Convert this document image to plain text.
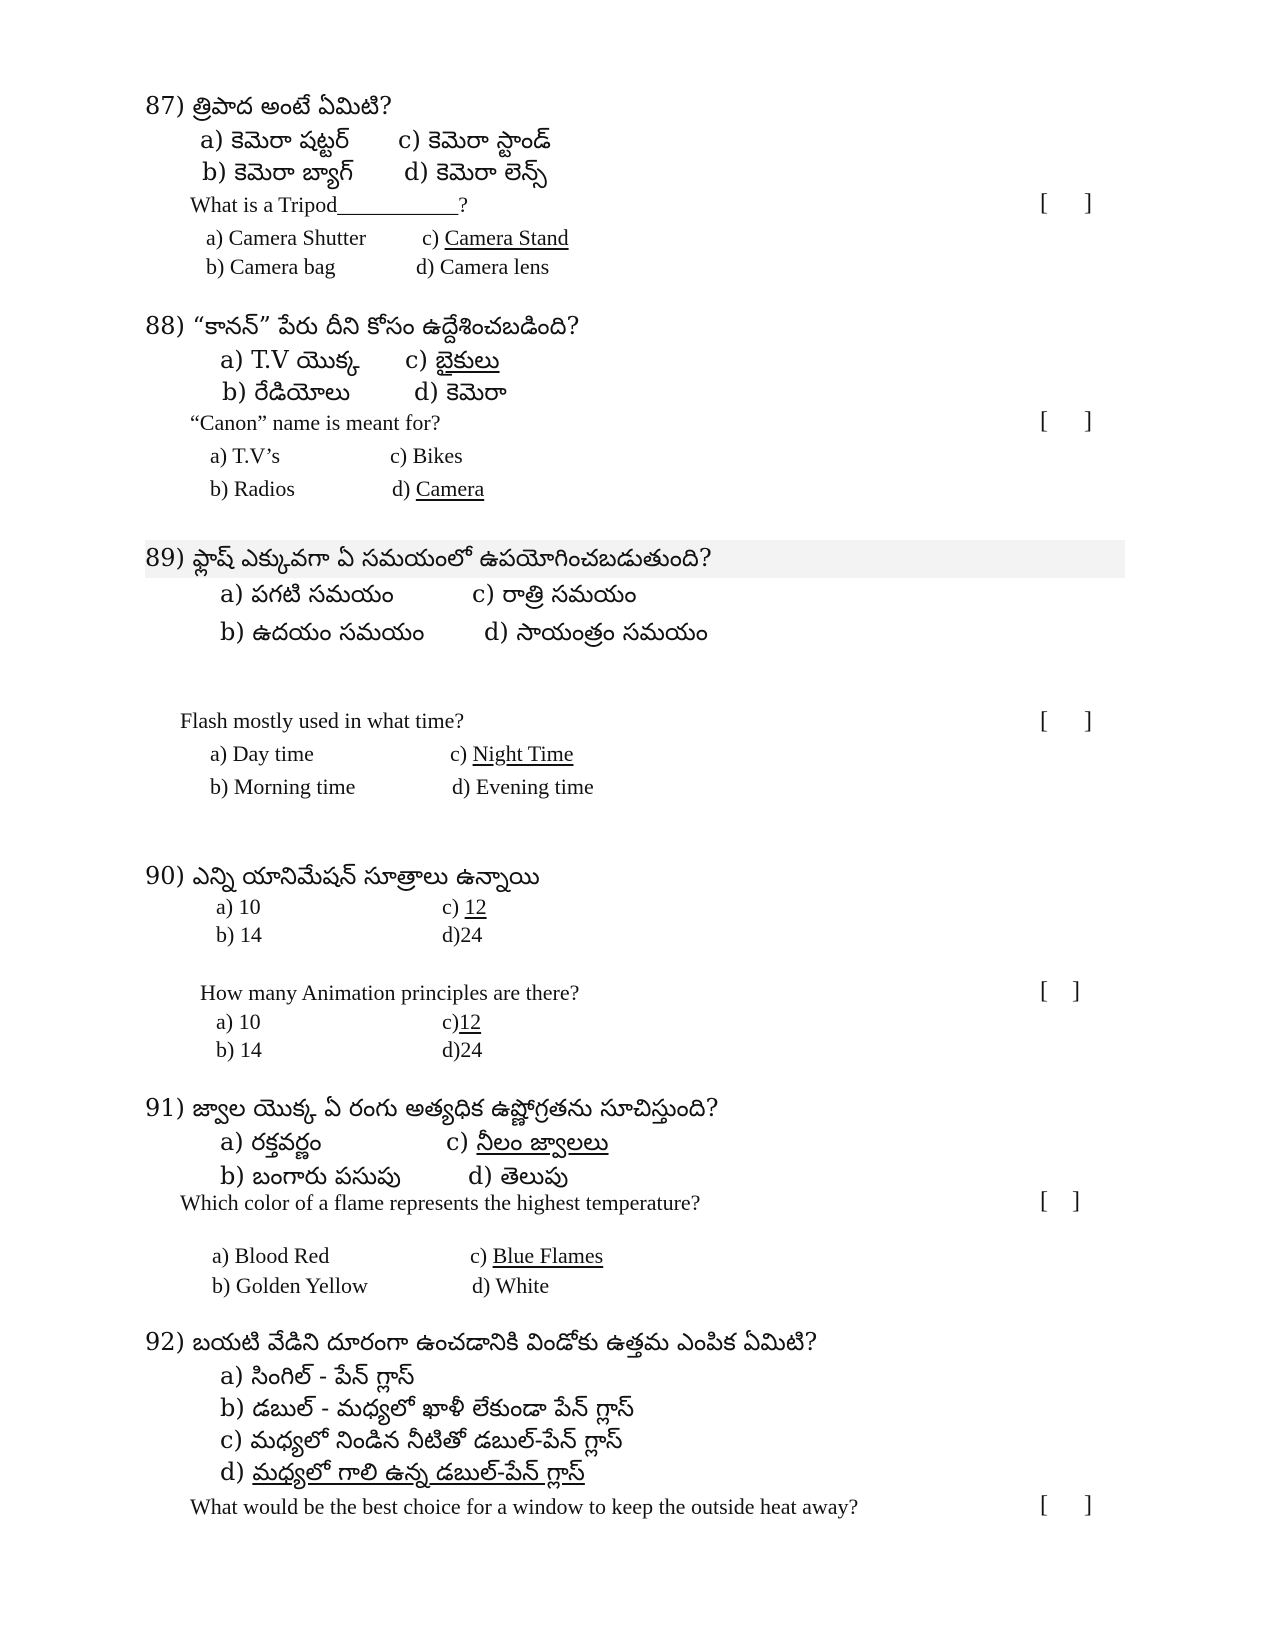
87) త్రిపాద అంటే ఏమిటి?
a) కెమెరా షట్టర్ c) కెమెరా స్టాండ్
b) కెమెరా బ్యాగ్ d) కెమెరా లెన్స్
What is a Tripod___________?	[ ]
a) Camera Shutter	c) Camera Stand
b) Camera bag	d) Camera lens
88) “కానన్” పేరు దీని కోసం ఉద్దేశించబడింది?
a) T.V యొక్క c) బైకులు
b) రేడియోలు	d) కెమెరా
“Canon” name is meant for?	[ ]
a) T.V’s	c) Bikes
b) Radios	d) Camera
89) ఫ్లాష్ ఎక్కువగా ఏ సమయంలో ఉపయోగించబడుతుంది?
a) పగటి సమయం	c) రాత్రి సమయం
b) ఉదయం సమయం d) సాయంత్రం సమయం
Flash mostly used in what time?	[ ]
a) Day time	c) Night Time
b) Morning time	d) Evening time
90) ఎన్ని యానిమేషన్ సూత్రాలు ఉన్నాయి
a) 10	c) 12
b) 14	d)24
How many Animation principles are there?	[ ]
a) 10	c)12
b) 14	d)24
91) జ్వాల యొక్క ఏ రంగు అత్యధిక ఉష్ణోగ్రతను సూచిస్తుంది?
a) రక్తవర్ణం	c) నీలం జ్వాలలు
b) బంగారు పసుపు	d) తెలుపు
Which color of a flame represents the highest temperature?	[ ]
a) Blood Red	c) Blue Flames
b) Golden Yellow	d) White
92) బయటి వేడిని దూరంగా ఉంచడానికి విండోకు ఉత్తమ ఎంపిక ఏమిటి?
a) సింగిల్ - పేన్ గ్లాస్
b) డబుల్ - మధ్యలో ఖాళీ లేకుండా పేన్ గ్లాస్
c) మధ్యలో నిండిన నీటితో డబుల్-పేన్ గ్లాస్
d) మధ్యలో గాలి ఉన్న డబుల్-పేన్ గ్లాస్
What would be the best choice for a window to keep the outside heat away?	[ ]
